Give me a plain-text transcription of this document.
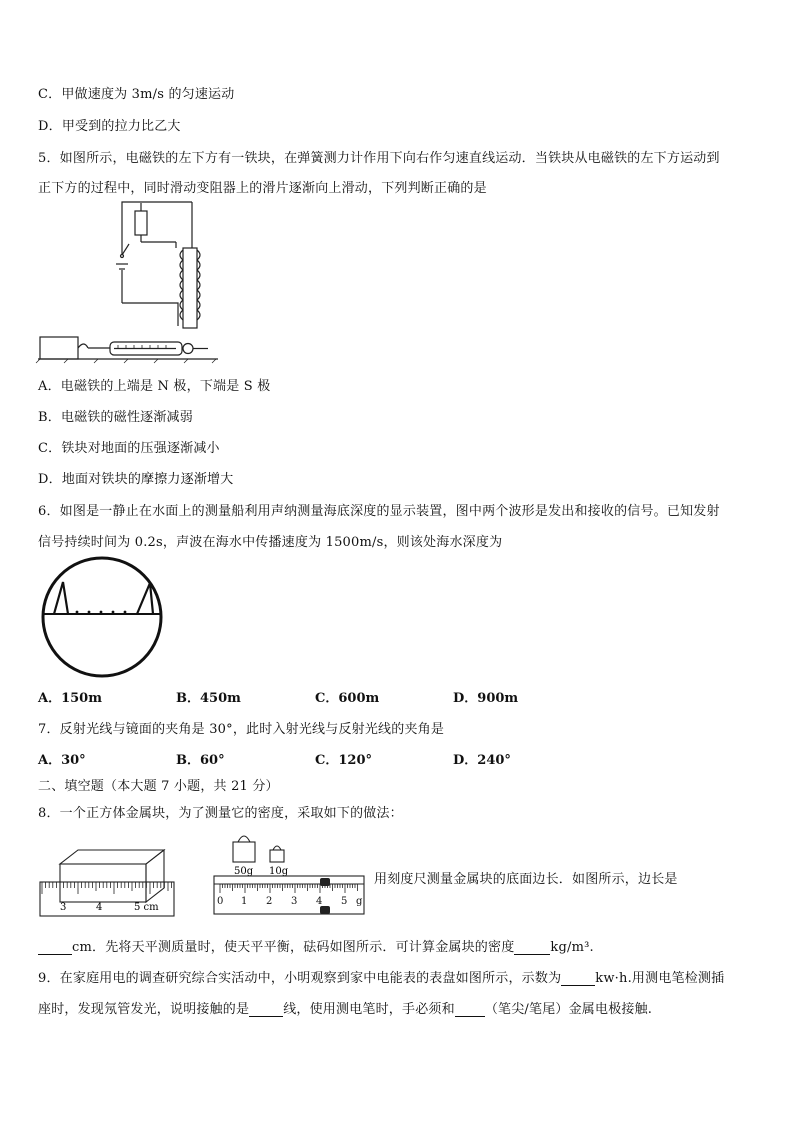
C．甲做速度为 3m/s 的匀速运动
D．甲受到的拉力比乙大
5．如图所示，电磁铁的左下方有一铁块，在弹簧测力计作用下向右作匀速直线运动．当铁块从电磁铁的左下方运动到
正下方的过程中，同时滑动变阻器上的滑片逐渐向上滑动，下列判断正确的是
A．电磁铁的上端是 N 极，下端是 S 极
B．电磁铁的磁性逐渐减弱
C．铁块对地面的压强逐渐减小
D．地面对铁块的摩擦力逐渐增大
6．如图是一静止在水面上的测量船利用声纳测量海底深度的显示装置，图中两个波形是发出和接收的信号。已知发射
信号持续时间为 0.2s，声波在海水中传播速度为 1500m/s，则该处海水深度为
A．150m	B．450m	C．600m	D．900m
7．反射光线与镜面的夹角是 30°，此时入射光线与反射光线的夹角是
A．30°	B．60°	C．120°	D．240°
二、填空题（本大题 7 小题，共 21 分）
8．一个正方体金属块，为了测量它的密度，采取如下的做法：
3	4	5 cm
50g 10g
0 1 2 3 4 5 g
用刻度尺测量金属块的底面边长．如图所示，边长是
cm．先将天平测质量时，使天平平衡，砝码如图所示．可计算金属块的密度	kg/m³.
9．在家庭用电的调查研究综合实活动中，小明观察到家中电能表的表盘如图所示，示数为	kw·h.用测电笔检测插
座时，发现氖管发光，说明接触的是	线，使用测电笔时，手必须和 （笔尖/笔尾）金属电极接触.
